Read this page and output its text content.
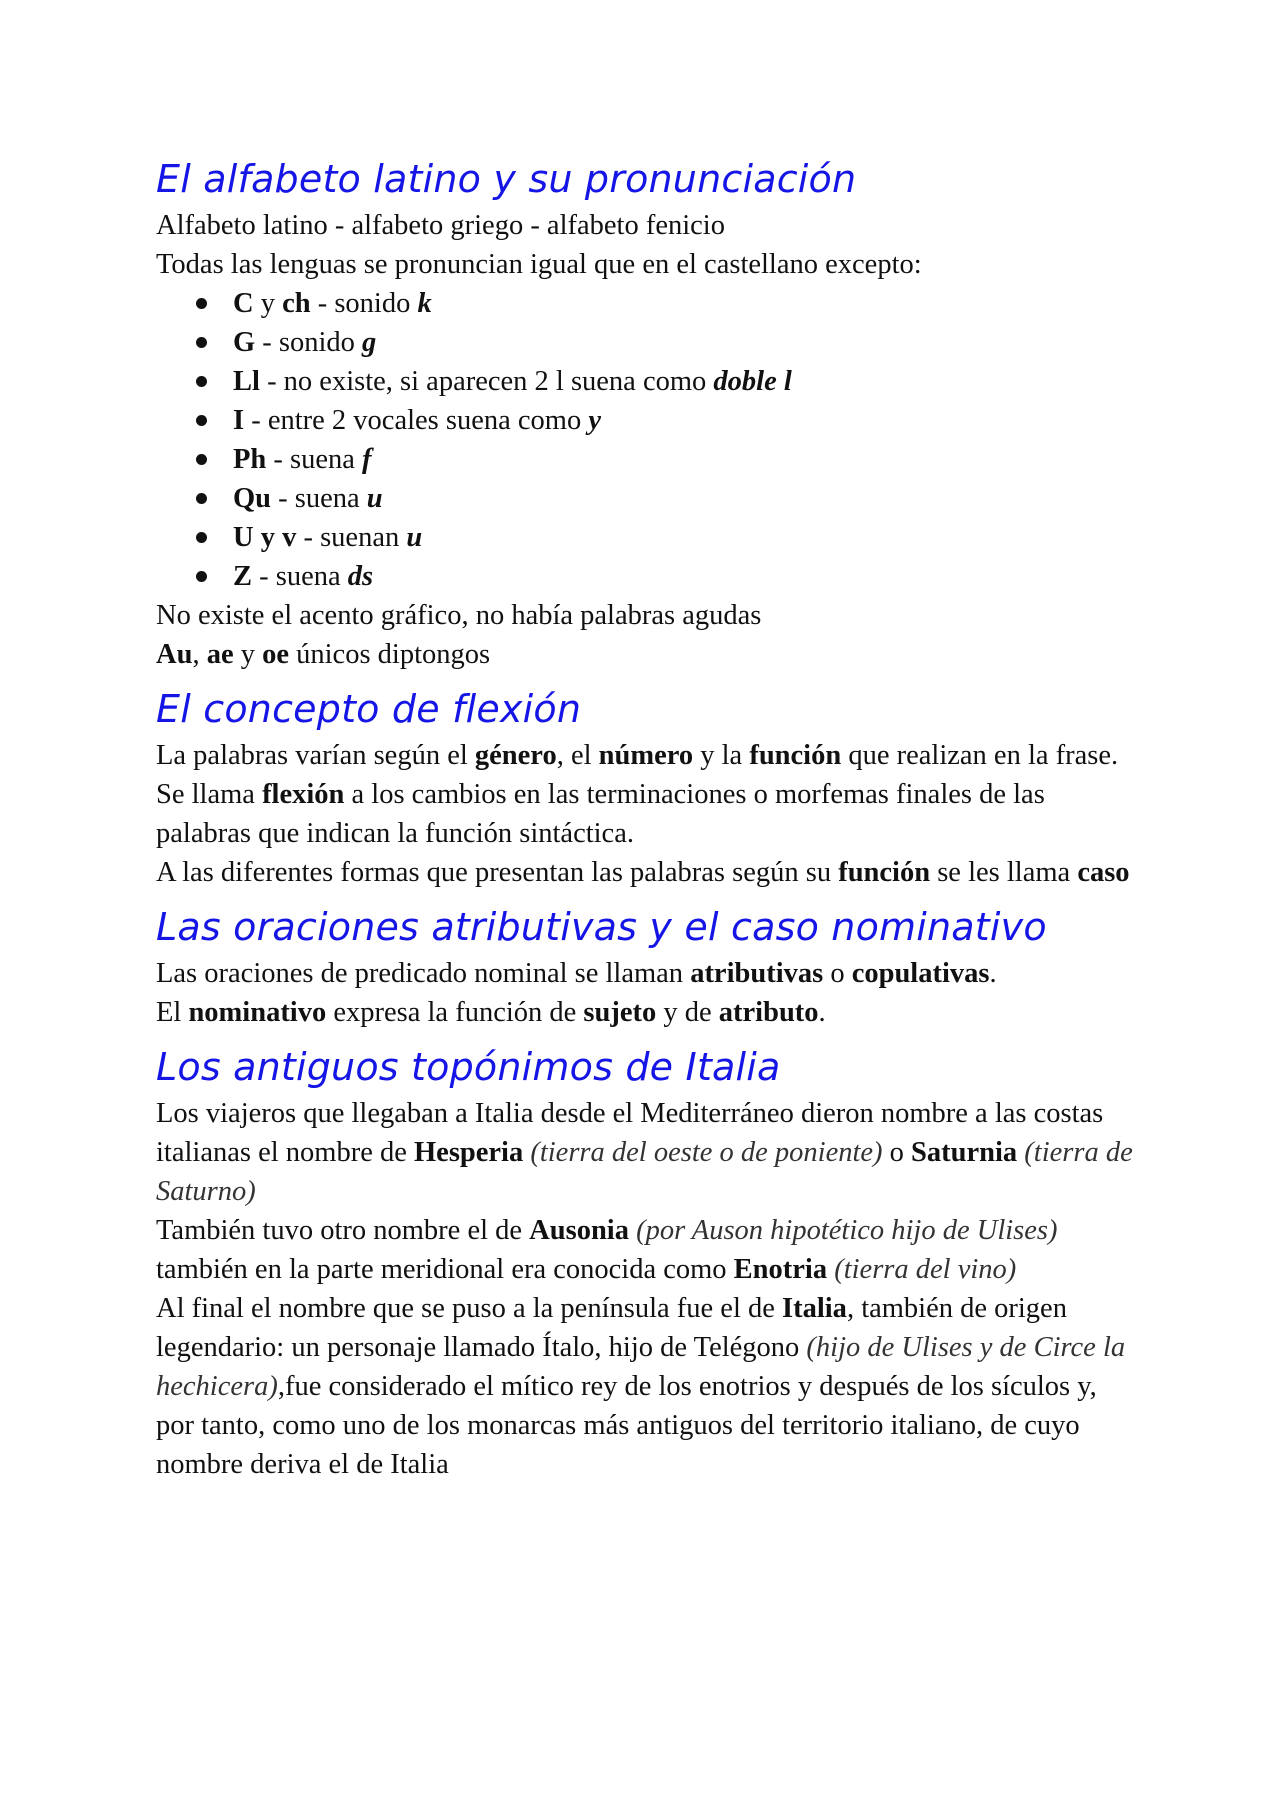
El alfabeto latino y su pronunciación

Alfabeto latino - alfabeto griego - alfabeto fenicio

Todas las lenguas se pronuncian igual que en el castellano excepto:

C y ch - sonido k
G - sonido g
Ll - no existe, si aparecen 2 l suena como doble l
I - entre 2 vocales suena como y
Ph - suena f
Qu - suena u
U y v - suenan u
Z - suena ds

No existe el acento gráfico, no había palabras agudas

Au, ae y oe únicos diptongos

El concepto de flexión

La palabras varían según el género, el número y la función que realizan en la frase.

Se llama flexión a los cambios en las terminaciones o morfemas finales de las palabras que indican la función sintáctica.

A las diferentes formas que presentan las palabras según su función se les llama caso

Las oraciones atributivas y el caso nominativo

Las oraciones de predicado nominal se llaman atributivas o copulativas.

El nominativo expresa la función de sujeto y de atributo.

Los antiguos topónimos de Italia

Los viajeros que llegaban a Italia desde el Mediterráneo dieron nombre a las costas italianas el nombre de Hesperia (tierra del oeste o de poniente) o Saturnia (tierra de Saturno)

También tuvo otro nombre el de Ausonia (por Auson hipotético hijo de Ulises) también en la parte meridional era conocida como Enotria (tierra del vino)

Al final el nombre que se puso a la península fue el de Italia, también de origen legendario: un personaje llamado Ítalo, hijo de Telégono (hijo de Ulises y de Circe la hechicera),fue considerado el mítico rey de los enotrios y después de los sículos y, por tanto, como uno de los monarcas más antiguos del territorio italiano, de cuyo nombre deriva el de Italia
